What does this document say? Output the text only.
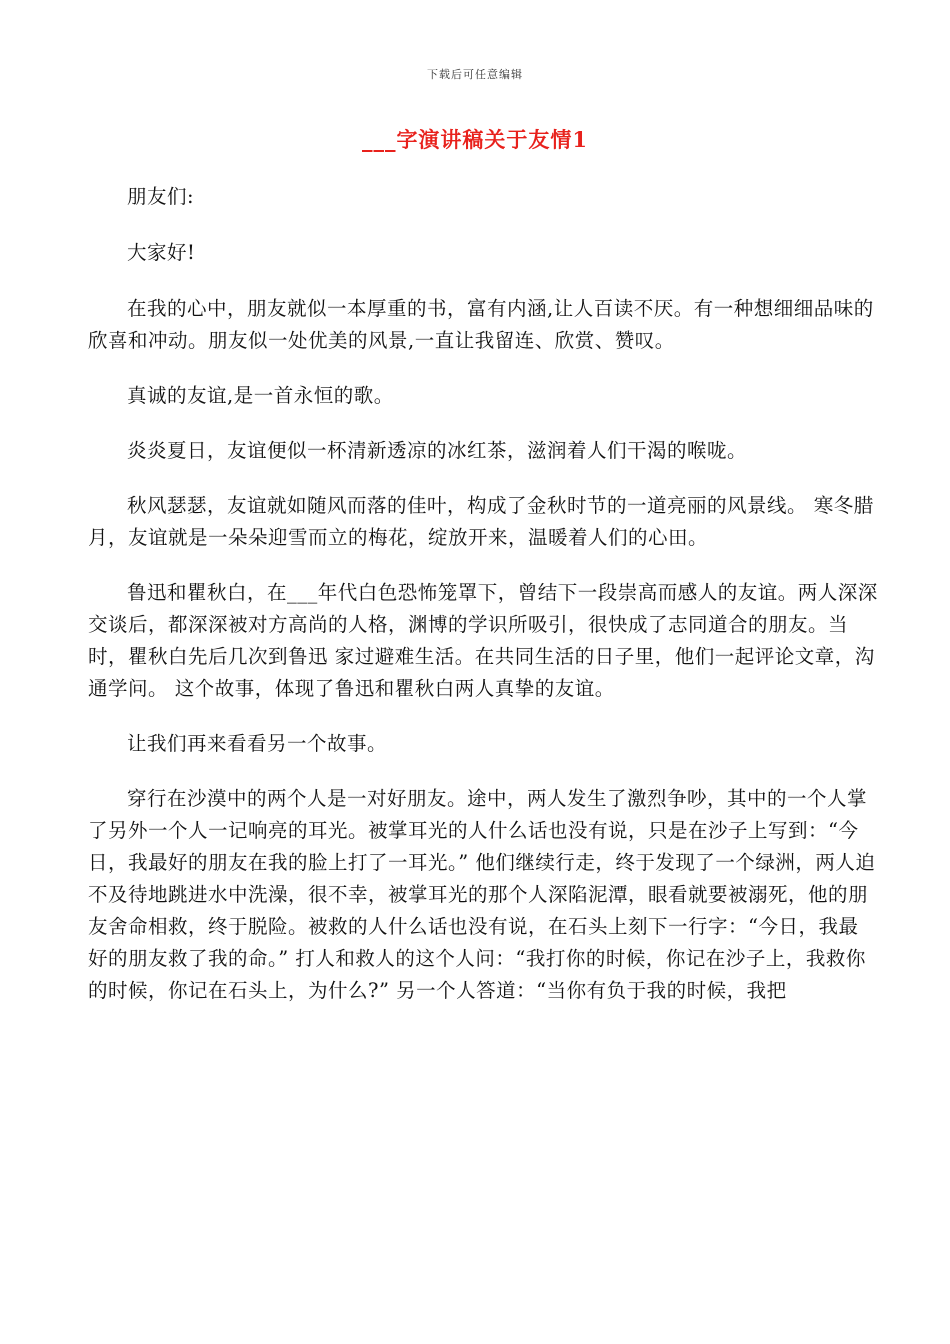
下载后可任意编辑
___字演讲稿关于友情1

朋友们:

大家好!

在我的心中，朋友就似一本厚重的书，富有内涵,让人百读不厌。有一种想细细品味的欣喜和冲动。朋友似一处优美的风景,一直让我留连、欣赏、赞叹。

真诚的友谊,是一首永恒的歌。

炎炎夏日，友谊便似一杯清新透凉的冰红茶，滋润着人们干渴的喉咙。

秋风瑟瑟，友谊就如随风而落的佳叶，构成了金秋时节的一道亮丽的风景线。 寒冬腊月，友谊就是一朵朵迎雪而立的梅花，绽放开来，温暖着人们的心田。

鲁迅和瞿秋白，在___年代白色恐怖笼罩下，曾结下一段崇高而感人的友谊。两人深深交谈后，都深深被对方高尚的人格，渊博的学识所吸引，很快成了志同道合的朋友。当时，瞿秋白先后几次到鲁迅 家过避难生活。在共同生活的日子里，他们一起评论文章，沟通学问。 这个故事，体现了鲁迅和瞿秋白两人真挚的友谊。

让我们再来看看另一个故事。

穿行在沙漠中的两个人是一对好朋友。途中，两人发生了激烈争吵，其中的一个人掌了另外一个人一记响亮的耳光。被掌耳光的人什么话也没有说，只是在沙子上写到：“今日，我最好的朋友在我的脸上打了一耳光。” 他们继续行走，终于发现了一个绿洲，两人迫不及待地跳进水中洗澡，很不幸，被掌耳光的那个人深陷泥潭，眼看就要被溺死，他的朋友舍命相救，终于脱险。被救的人什么话也没有说，在石头上刻下一行字：“今日，我最好的朋友救了我的命。” 打人和救人的这个人问：“我打你的时候，你记在沙子上，我救你的时候，你记在石头上，为什么?” 另一个人答道：“当你有负于我的时候，我把
